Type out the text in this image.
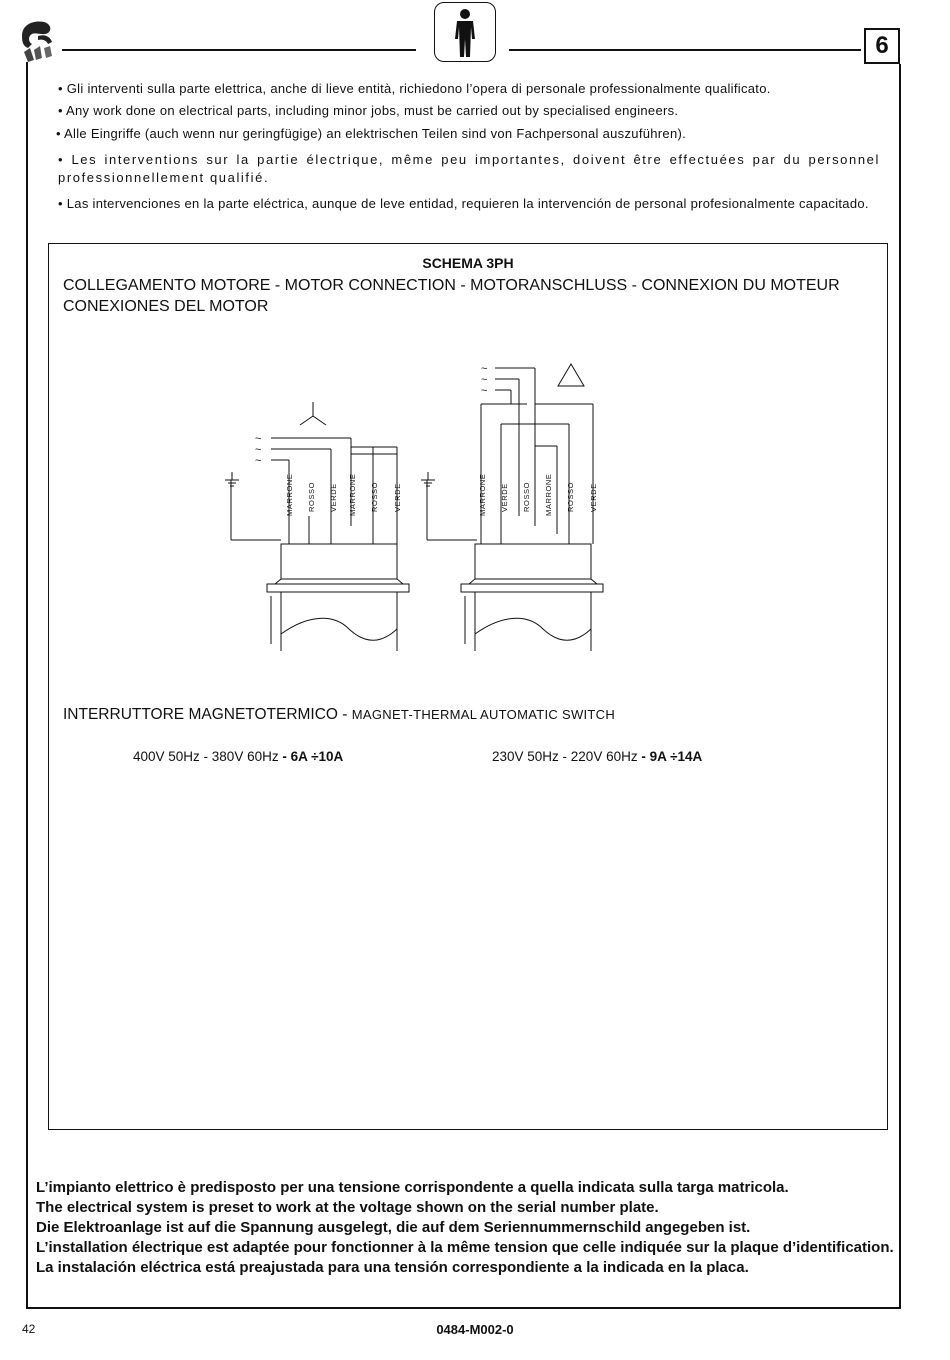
6
• Gli interventi sulla parte elettrica, anche di lieve entità, richiedono l’opera di personale professionalmente qualificato.
• Any work done on electrical parts, including minor jobs, must be carried out by specialised engineers.
• Alle Eingriffe (auch wenn nur geringfügige) an elektrischen Teilen sind von Fachpersonal auszuführen).
• Les interventions sur la partie électrique, même peu importantes, doivent être effectuées par du personnel professionnellement qualifié.
• Las intervenciones en la parte eléctrica, aunque de leve entidad, requieren la intervención de personal profesionalmente capacitado.
SCHEMA 3PH
COLLEGAMENTO MOTORE - MOTOR CONNECTION - MOTORANSCHLUSS - CONNEXION DU MOTEUR CONEXIONES DEL MOTOR
~
~
~
~
~
~
MARRONE ROSSO VERDE MARRONE ROSSO VERDE	MARRONE VERDE ROSSO MARRONE ROSSO VERDE
INTERRUTTORE MAGNETOTERMICO - MAGNET-THERMAL AUTOMATIC SWITCH
400V 50Hz - 380V 60Hz - 6A ÷10A	230V 50Hz - 220V 60Hz - 9A ÷14A

L’impianto elettrico è predisposto per una tensione corrispondente a quella indicata sulla targa matricola.

The electrical system is preset to work at the voltage shown on the serial number plate.

Die Elektroanlage ist auf die Spannung ausgelegt, die auf dem Seriennummernschild angegeben ist.

L’installation électrique est adaptée pour fonctionner à la même tension que celle indiquée sur la plaque d’identification.

La instalación eléctrica está preajustada para una tensión correspondiente a la indicada en la placa.

42	0484-M002-0
